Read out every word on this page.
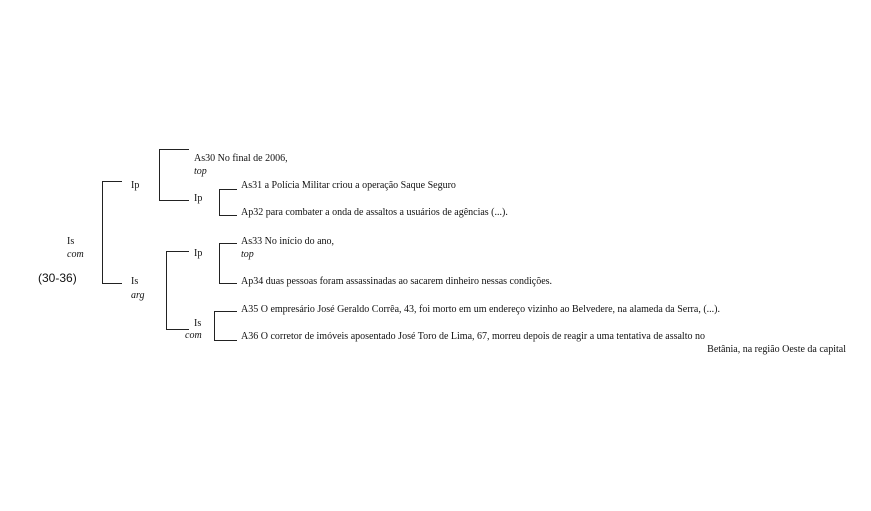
Is
com
(30-36)
Ip
Ip
Is
arg
Ip
Is
com
As30 No final de 2006,
top
As31 a Polícia Militar criou a operação Saque Seguro
Ap32 para combater a onda de assaltos a usuários de agências (...).
As33 No início do ano,
top
Ap34 duas pessoas foram assassinadas ao sacarem dinheiro nessas condições.
A35 O empresário José Geraldo Corrêa, 43, foi morto em um endereço vizinho ao Belvedere, na alameda da Serra, (...).
A36 O corretor de imóveis aposentado José Toro de Lima, 67, morreu depois de reagir a uma tentativa de assalto no
Betânia, na região Oeste da capital
